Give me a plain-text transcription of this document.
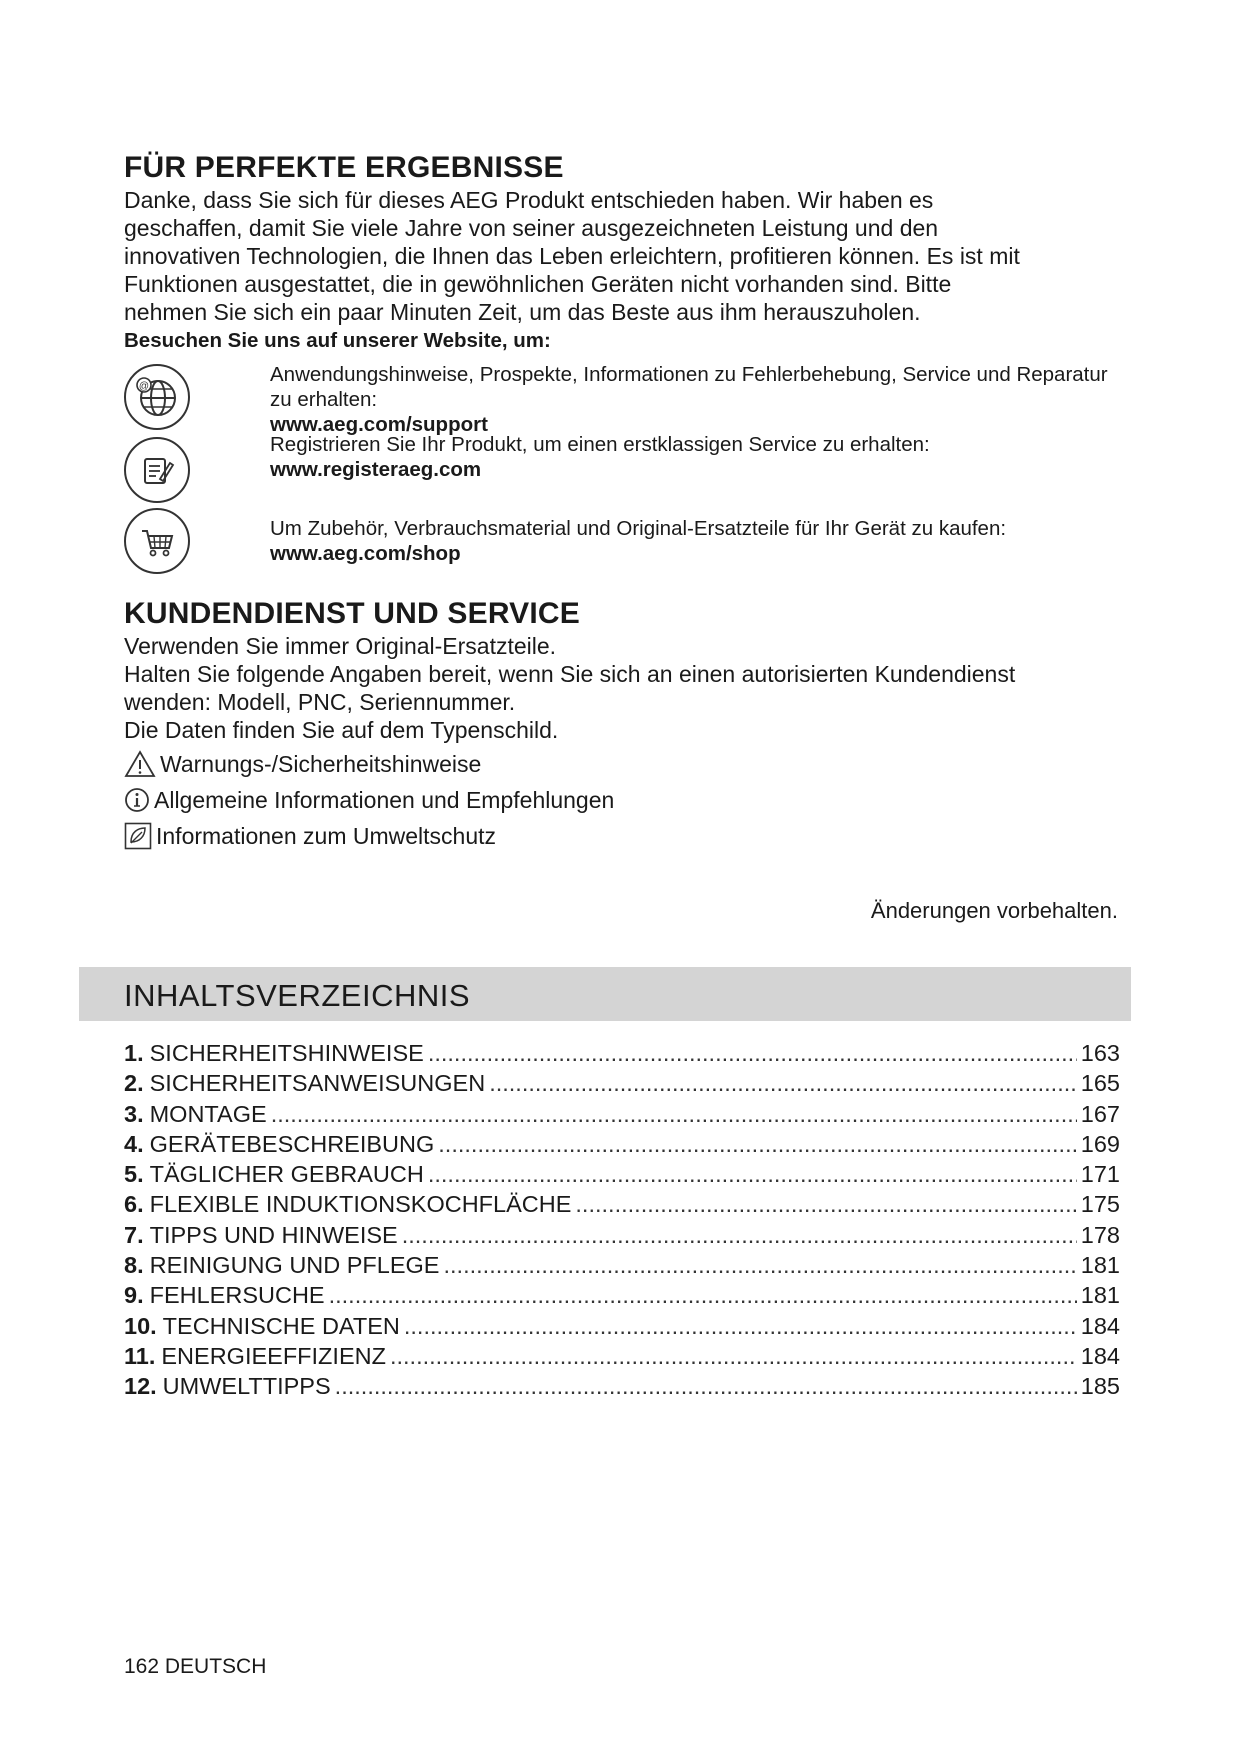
FÜR PERFEKTE ERGEBNISSE

Danke, dass Sie sich für dieses AEG Produkt entschieden haben. Wir haben es

geschaffen, damit Sie viele Jahre von seiner ausgezeichneten Leistung und den

innovativen Technologien, die Ihnen das Leben erleichtern, profitieren können. Es ist mit

Funktionen ausgestattet, die in gewöhnlichen Geräten nicht vorhanden sind. Bitte

nehmen Sie sich ein paar Minuten Zeit, um das Beste aus ihm herauszuholen.

Besuchen Sie uns auf unserer Website, um:
@
Anwendungshinweise, Prospekte, Informationen zu Fehlerbehebung, Service und Reparatur zu erhalten:
www.aeg.com/support
Registrieren Sie Ihr Produkt, um einen erstklassigen Service zu erhalten:
www.registeraeg.com
Um Zubehör, Verbrauchsmaterial und Original-Ersatzteile für Ihr Gerät zu kaufen:
www.aeg.com/shop
KUNDENDIENST UND SERVICE

Verwenden Sie immer Original-Ersatzteile.

Halten Sie folgende Angaben bereit, wenn Sie sich an einen autorisierten Kundendienst

wenden: Modell, PNC, Seriennummer.

Die Daten finden Sie auf dem Typenschild.

Warnungs-/Sicherheitshinweise
Allgemeine Informationen und Empfehlungen
Informationen zum Umweltschutz
Änderungen vorbehalten.
INHALTSVERZEICHNIS
1. SICHERHEITSHINWEISE .....	163
2. SICHERHEITSANWEISUNGEN .....	165
3. MONTAGE .....	167
4. GERÄTEBESCHREIBUNG .....	169
5. TÄGLICHER GEBRAUCH .....	171
6. FLEXIBLE INDUKTIONSKOCHFLÄCHE .....	175
7. TIPPS UND HINWEISE .....	178
8. REINIGUNG UND PFLEGE .....	181
9. FEHLERSUCHE .....	181
10. TECHNISCHE DATEN .....	184
11. ENERGIEEFFIZIENZ .....	184
12. UMWELTTIPPS .....	185
162 DEUTSCH
